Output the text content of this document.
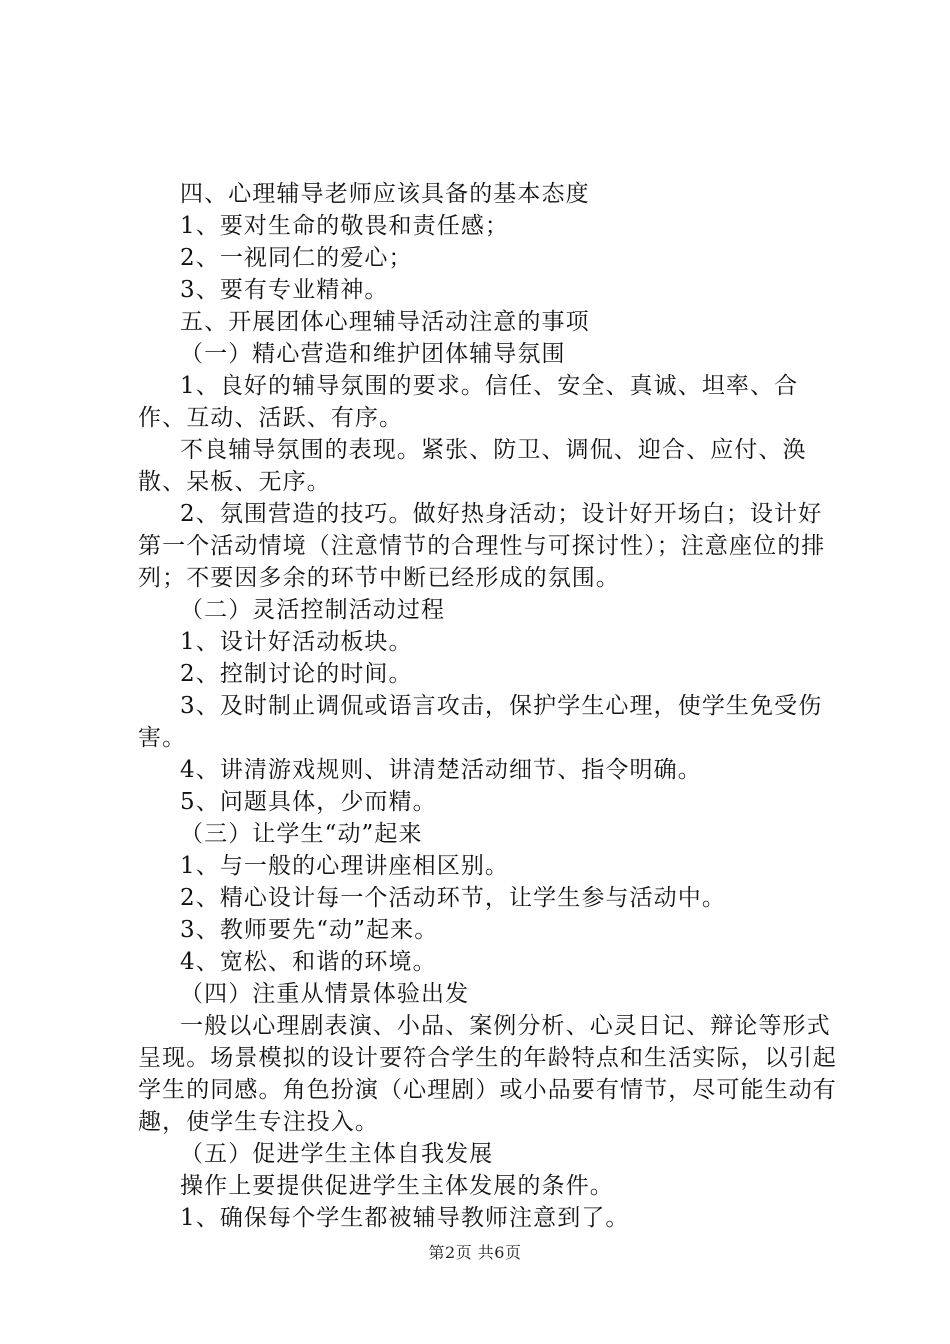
四、心理辅导老师应该具备的基本态度

1、要对生命的敬畏和责任感；

2、一视同仁的爱心；

3、要有专业精神。

五、开展团体心理辅导活动注意的事项

（一）精心营造和维护团体辅导氛围

1、良好的辅导氛围的要求。信任、安全、真诚、坦率、合作、互动、活跃、有序。

不良辅导氛围的表现。紧张、防卫、调侃、迎合、应付、涣散、呆板、无序。

2、氛围营造的技巧。做好热身活动；设计好开场白；设计好第一个活动情境（注意情节的合理性与可探讨性）；注意座位的排列；不要因多余的环节中断已经形成的氛围。

（二）灵活控制活动过程

1、设计好活动板块。

2、控制讨论的时间。

3、及时制止调侃或语言攻击，保护学生心理，使学生免受伤害。

4、讲清游戏规则、讲清楚活动细节、指令明确。

5、问题具体，少而精。

（三）让学生“动”起来

1、与一般的心理讲座相区别。

2、精心设计每一个活动环节，让学生参与活动中。

3、教师要先“动”起来。

4、宽松、和谐的环境。

（四）注重从情景体验出发

一般以心理剧表演、小品、案例分析、心灵日记、辩论等形式呈现。场景模拟的设计要符合学生的年龄特点和生活实际，以引起学生的同感。角色扮演（心理剧）或小品要有情节，尽可能生动有趣，使学生专注投入。

（五）促进学生主体自我发展

操作上要提供促进学生主体发展的条件。

1、确保每个学生都被辅导教师注意到了。

第2页 共6页
